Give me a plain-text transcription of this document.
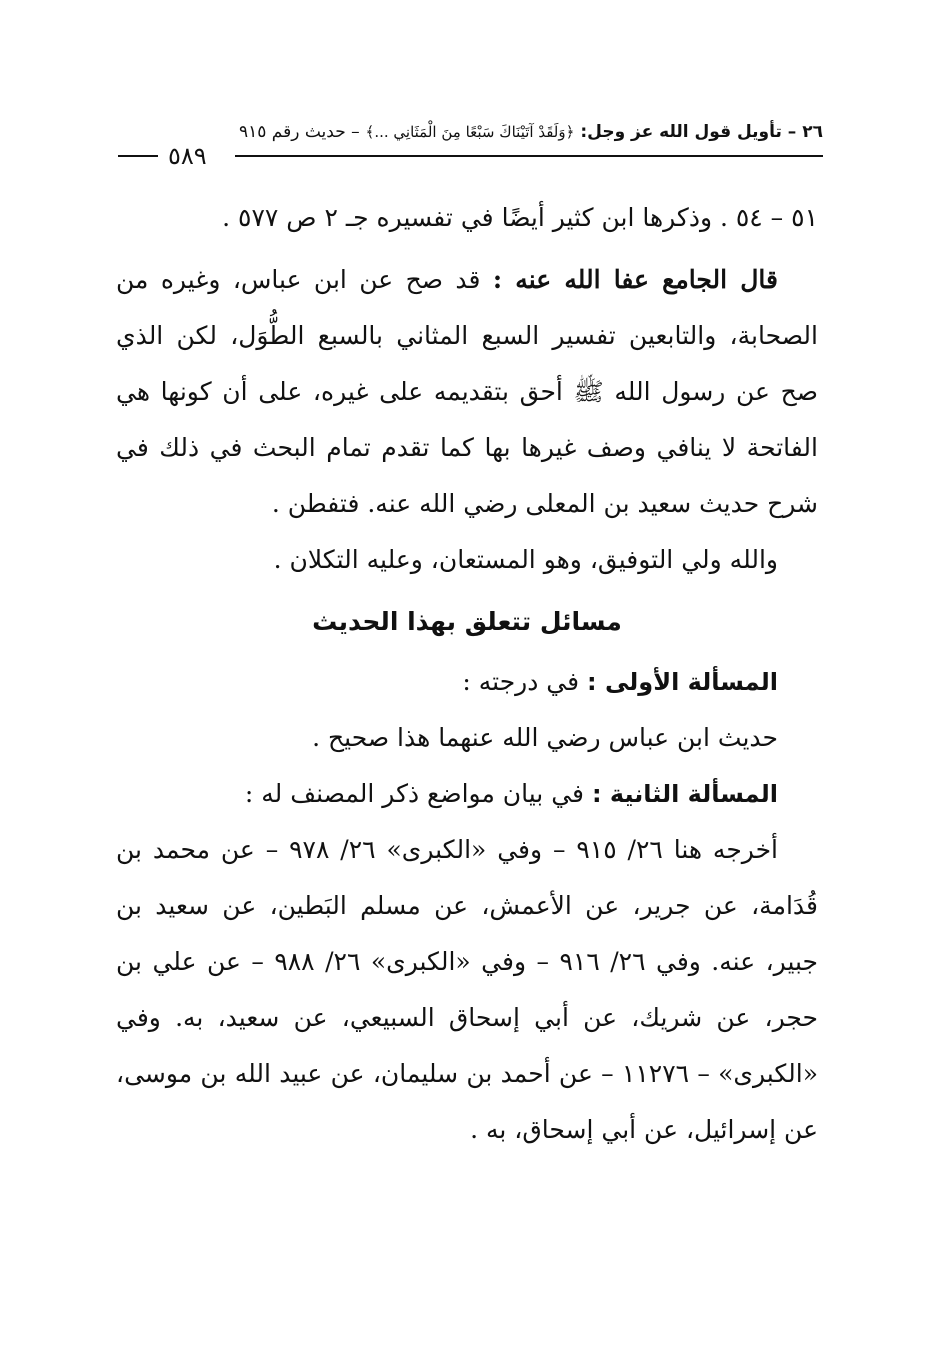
٢٦ – تأويل قول الله عز وجل: ﴿وَلَقَدْ آتَيْنَاكَ سَبْعًا مِنَ الْمَثَانِي ...﴾ – حديث رقم ٩١٥
٥٨٩

٥١ – ٥٤ . وذكرها ابن كثير أيضًا في تفسيره جـ ٢ ص ٥٧٧ .

قال الجامع عفا الله عنه : قد صح عن ابن عباس، وغيره من الصحابة، والتابعين تفسير السبع المثاني بالسبع الطُّوَل، لكن الذي صح عن رسول الله ﷺ أحق بتقديمه على غيره، على أن كونها هي الفاتحة لا ينافي وصف غيرها بها كما تقدم تمام البحث في ذلك في شرح حديث سعيد بن المعلى رضي الله عنه. فتفطن .

والله ولي التوفيق، وهو المستعان، وعليه التكلان .

مسائل تتعلق بهذا الحديث

المسألة الأولى : في درجته :

حديث ابن عباس رضي الله عنهما هذا صحيح .

المسألة الثانية : في بيان مواضع ذكر المصنف له :

أخرجه هنا ٢٦/ ٩١٥ – وفي «الكبرى» ٢٦/ ٩٧٨ – عن محمد بن قُدَامة، عن جرير، عن الأعمش، عن مسلم البَطين، عن سعيد بن جبير، عنه. وفي ٢٦/ ٩١٦ – وفي «الكبرى» ٢٦/ ٩٨٨ – عن علي بن حجر، عن شريك، عن أبي إسحاق السبيعي، عن سعيد، به. وفي «الكبرى» – ١١٢٧٦ – عن أحمد بن سليمان، عن عبيد الله بن موسى، عن إسرائيل، عن أبي إسحاق، به .
